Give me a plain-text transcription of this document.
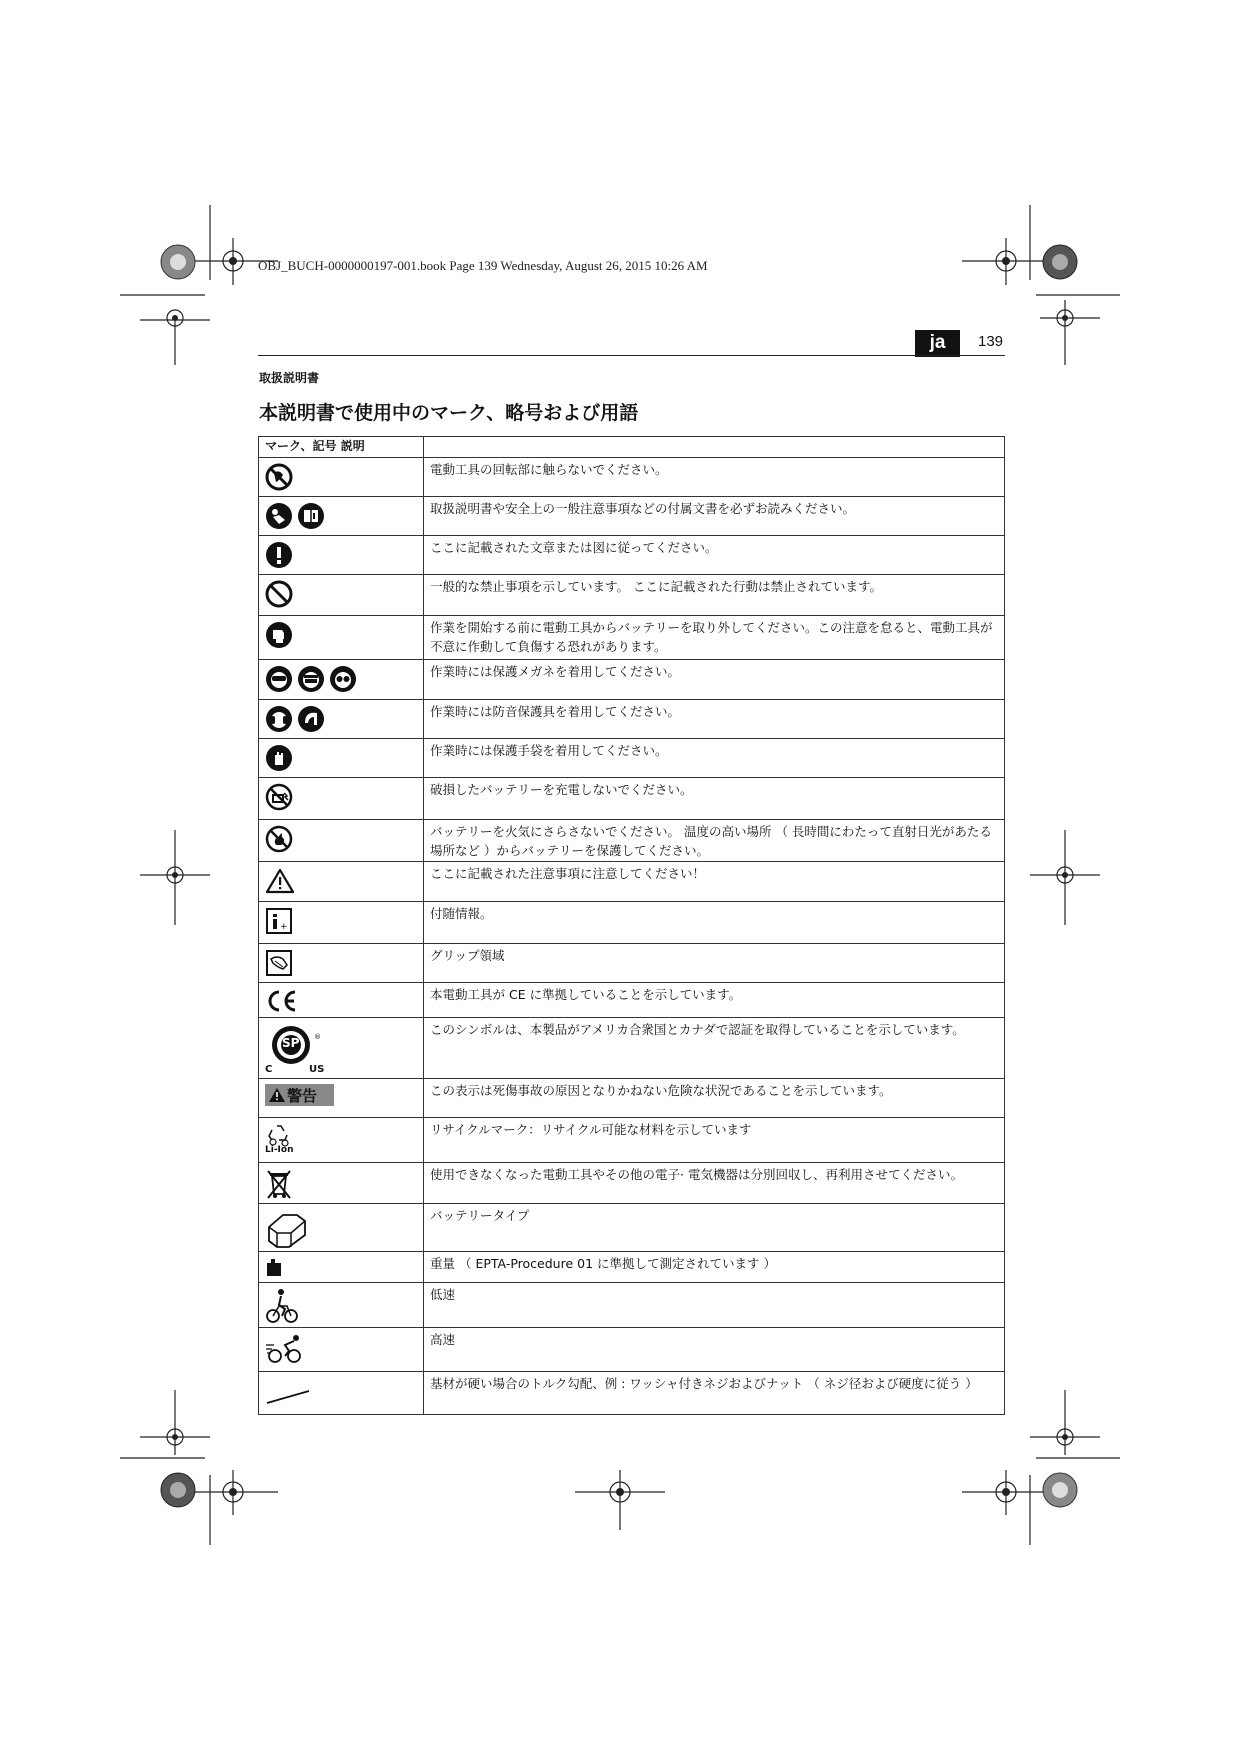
OBJ_BUCH-0000000197-001.book Page 139 Wednesday, August 26, 2015 10:26 AM
ja	139
取扱説明書
本説明書で使用中のマーク、略号および用語
マーク、記号 説明	

	電動工具の回転部に触らないでください。

	取扱説明書や安全上の一般注意事項などの付属文書を必ずお読みください。

	ここに記載された文章または図に従ってください。

	一般的な禁止事項を示しています。 ここに記載された行動は禁止されています。

	作業を開始する前に電動工具からバッテリーを取り外してください。この注意を怠ると、電動工具が不意に作動して負傷する恐れがあります。

	作業時には保護メガネを着用してください。

	作業時には防音保護具を着用してください。

	作業時には保護手袋を着用してください。

	破損したバッテリーを充電しないでください。

	バッテリーを火気にさらさないでください。 温度の高い場所 （ 長時間にわたって直射日光があたる場所など ）からバッテリーを保護してください。

	ここに記載された注意事項に注意してください！

+	付随情報。

	グリップ領域

	本電動工具が CE に準拠していることを示しています。

®
SP
C US	このシンボルは、本製品がアメリカ合衆国とカナダで認証を取得していることを示しています。

警告	この表示は死傷事故の原因となりかねない危険な状況であることを示しています。

Li-Ion	リサイクルマーク：リサイクル可能な材料を示しています

	使用できなくなった電動工具やその他の電子· 電気機器は分別回収し、再利用させてください。

	バッテリータイプ

	重量 （ EPTA-Procedure 01 に準拠して測定されています ）

	低速

	高速

	基材が硬い場合のトルク勾配、例 : ワッシャ付きネジおよびナット （ ネジ径および硬度に従う ）
